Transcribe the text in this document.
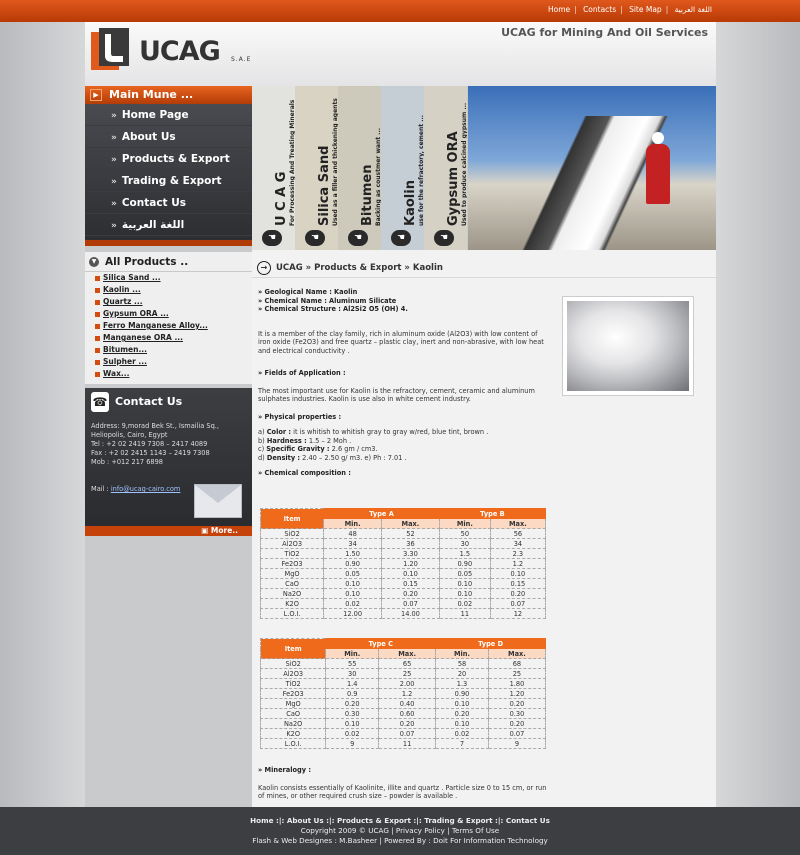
Home | Contacts | Site Map | اللغة العربية
UCAG S.A.E
UCAG for Mining And Oil Services
▶ Main Mune ...
» Home Page
» About Us
» Products & Export
» Trading & Export
» Contact Us
» اللغة العربية	U C A G For Processing And Treating Minerals
☚
Silica Sand Used as a filler and thickening agents
☚
Bitumen Backing as coustmer want ...
☚
Kaolin use for the refractory, cement ...
☚
Gypsum ORA Used to produce calcined gypsum ...
☚
▼ All Products ..
Silica Sand ...
Kaolin ...
Quartz ...
Gypsum ORA ...
Ferro Manganese Alloy...
Manganese ORA ...
Bitumen...
Sulpher ...
Wax...
☎ Contact Us
Address: 9,morad Bek St., Ismailia Sq.,
Heliopolis, Cairo, Egypt
Tel : +2 02 2419 7308 – 2417 4089
Fax : +2 02 2415 1143 – 2419 7308
Mob : +012 217 6898
Mail : info@ucag-cairo.com
▣ More..
→	UCAG » Products & Export » Kaolin
» Geological Name : Kaolin
» Chemical Name : Aluminum Silicate
» Chemical Structure : Al2Si2 O5 (OH) 4.
It is a member of the clay family, rich in aluminum oxide (Al2O3) with low content of iron oxide (Fe2O3) and free quartz – plastic clay, inert and non-abrasive, with low heat and electrical conductivity .
» Fields of Application :
The most important use for Kaolin is the refractory, cement, ceramic and aluminum sulphates industries. Kaolin is use also in white cement industry.
» Physical properties :
a) Color : it is whitish to whitish gray to gray w/red, blue tint, brown .
b) Hardness : 1.5 – 2 Moh .
c) Specific Gravity : 2.6 gm / cm3.
d) Density : 2.40 – 2.50 g/ m3. e) Ph : 7.01 .
» Chemical composition :
Item	Type A		Type B	
	Min.	Max.	Min.	Max.
SiO2	48	52	50	56
Al2O3	34	36	30	34
TiO2	1.50	3.30	1.5	2.3
Fe2O3	0.90	1.20	0.90	1.2
MgO	0.05	0.10	0.05	0.10
CaO	0.10	0.15	0.10	0.15
Na2O	0.10	0.20	0.10	0.20
K2O	0.02	0.07	0.02	0.07
L.O.I.	12.00	14.00	11	12
Item	Type C		Type D	
	Min.	Max.	Min.	Max.
SiO2	55	65	58	68
Al2O3	30	25	20	25
TiO2	1.4	2.00	1.3	1.80
Fe2O3	0.9	1.2	0.90	1.20
MgO	0.20	0.40	0.10	0.20
CaO	0.30	0.60	0.20	0.30
Na2O	0.10	0.20	0.10	0.20
K2O	0.02	0.07	0.02	0.07
L.O.I.	9	11	7	9
» Mineralogy :
Kaolin consists essentially of Kaolinite, illite and quartz . Particle size 0 to 15 cm, or run of mines, or other required crush size – powder is available .
Home :|: About Us :|: Products & Export :|: Trading & Export :|: Contact Us
Copyright 2009 © UCAG | Privacy Policy | Terms Of Use
Flash & Web Designes : M.Basheer | Powered By : Doit For Information Technology
